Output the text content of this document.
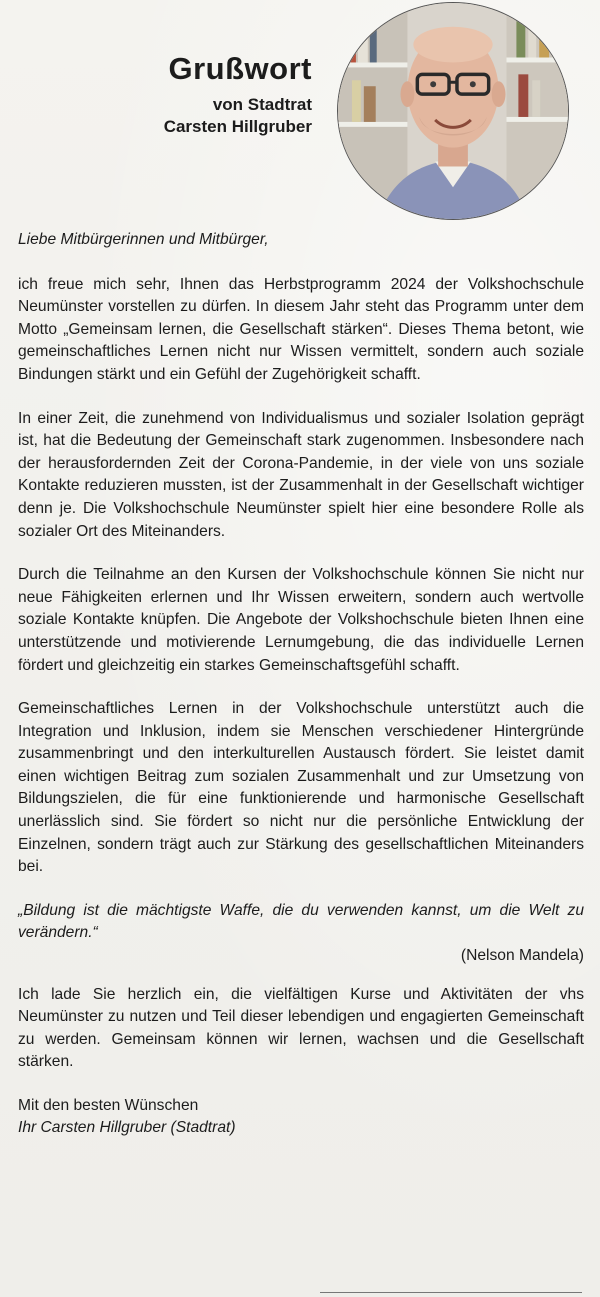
Grußwort
von Stadtrat
Carsten Hillgruber

Liebe Mitbürgerinnen und Mitbürger,

ich freue mich sehr, Ihnen das Herbstprogramm 2024 der Volkshochschule Neumünster vorstellen zu dürfen. In diesem Jahr steht das Programm unter dem Motto „Gemeinsam lernen, die Gesellschaft stärken“. Dieses Thema betont, wie gemeinschaftliches Lernen nicht nur Wissen vermittelt, sondern auch soziale Bindungen stärkt und ein Gefühl der Zugehörigkeit schafft.

In einer Zeit, die zunehmend von Individualismus und sozialer Isolation geprägt ist, hat die Bedeutung der Gemeinschaft stark zugenommen. Insbesondere nach der herausfordernden Zeit der Corona-Pandemie, in der viele von uns soziale Kontakte reduzieren mussten, ist der Zusammenhalt in der Gesellschaft wichtiger denn je. Die Volkshochschule Neumünster spielt hier eine besondere Rolle als sozialer Ort des Miteinanders.

Durch die Teilnahme an den Kursen der Volkshochschule können Sie nicht nur neue Fähigkeiten erlernen und Ihr Wissen erweitern, sondern auch wertvolle soziale Kontakte knüpfen. Die Angebote der Volkshochschule bieten Ihnen eine unterstützende und motivierende Lernumgebung, die das individuelle Lernen fördert und gleichzeitig ein starkes Gemeinschaftsgefühl schafft.

Gemeinschaftliches Lernen in der Volkshochschule unterstützt auch die Integration und Inklusion, indem sie Menschen verschiedener Hintergründe zusammenbringt und den interkulturellen Austausch fördert. Sie leistet damit einen wichtigen Beitrag zum sozialen Zusammenhalt und zur Umsetzung von Bildungszielen, die für eine funktionierende und harmonische Gesellschaft unerlässlich sind. Sie fördert so nicht nur die persönliche Entwicklung der Einzelnen, sondern trägt auch zur Stärkung des gesellschaftlichen Miteinanders bei.

„Bildung ist die mächtigste Waffe, die du verwenden kannst, um die Welt zu verändern.“
(Nelson Mandela)

Ich lade Sie herzlich ein, die vielfältigen Kurse und Aktivitäten der vhs Neumünster zu nutzen und Teil dieser lebendigen und engagierten Gemeinschaft zu werden. Gemeinsam können wir lernen, wachsen und die Gesellschaft stärken.

Mit den besten Wünschen
Ihr Carsten Hillgruber (Stadtrat)
